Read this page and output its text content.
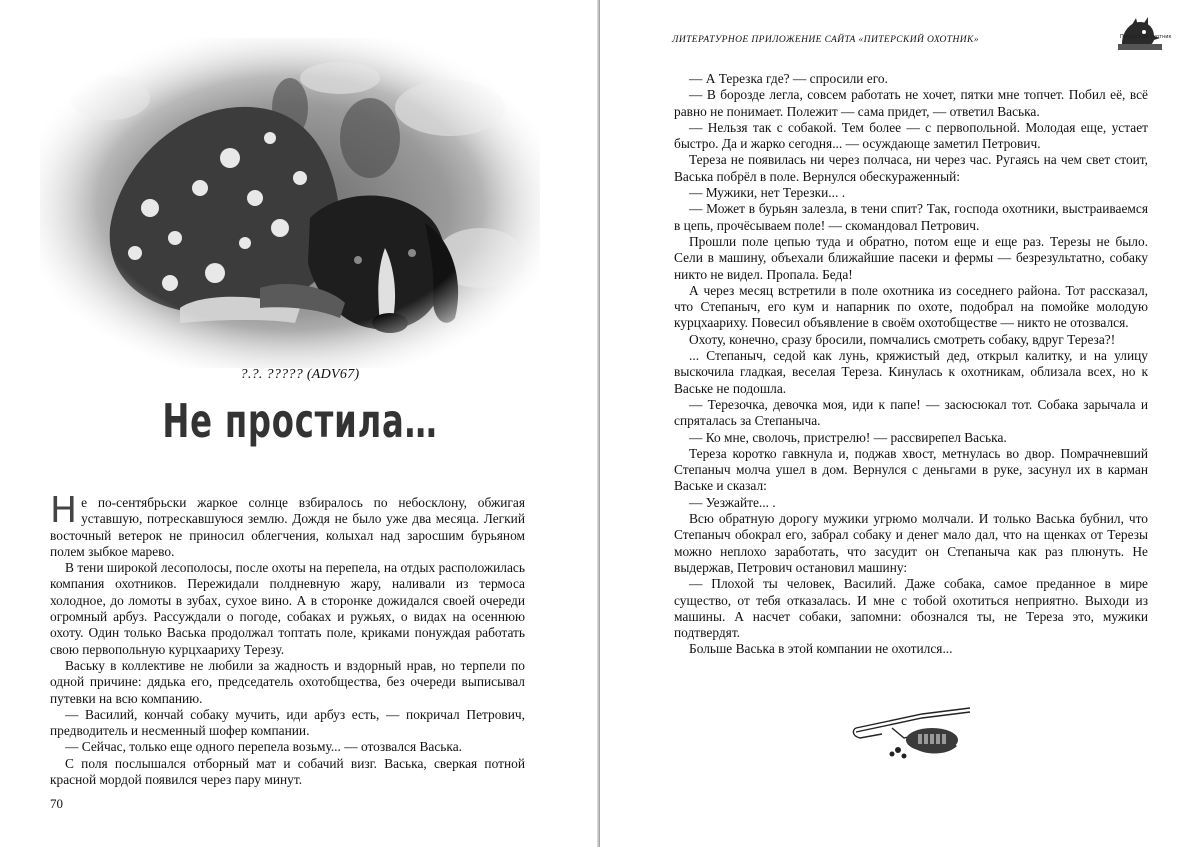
?.?. ????? (ADV67)
Не простила…

Не по-сентябрьски жаркое солнце взбиралось по небосклону, обжигая уставшую, потрескавшуюся землю. Дождя не было уже два месяца. Легкий восточный ветерок не приносил облегчения, колыхал над заросшим бурьяном полем зыбкое марево.

В тени широкой лесополосы, после охоты на перепела, на отдых расположилась компания охотников. Пережидали полдневную жару, наливали из термоса холодное, до ломоты в зубах, сухое вино. А в сторонке дожидался своей очереди огромный арбуз. Рассуждали о погоде, собаках и ружьях, о видах на осеннюю охоту. Один только Васька продолжал топтать поле, криками понуждая работать свою первопольную курцхаариху Терезу.

Ваську в коллективе не любили за жадность и вздорный нрав, но терпели по одной причине: дядька его, председатель охотобщества, без очереди выписывал путевки на всю компанию.

— Василий, кончай собаку мучить, иди арбуз есть, — покричал Петрович, предводитель и несменный шофер компании.

— Сейчас, только еще одного перепела возьму... — отозвался Васька.

С поля послышался отборный мат и собачий визг. Васька, сверкая потной красной мордой появился через пару минут.

70
ЛИТЕРАТУРНОЕ ПРИЛОЖЕНИЕ САЙТА «ПИТЕРСКИЙ ОХОТНИК»	Питерский охотник

— А Терезка где? — спросили его.

— В борозде легла, совсем работать не хочет, пятки мне топчет. Побил её, всё равно не понимает. Полежит — сама придет, — ответил Васька.

— Нельзя так с собакой. Тем более — с первопольной. Молодая еще, устает быстро. Да и жарко сегодня... — осуждающе заметил Петрович.

Тереза не появилась ни через полчаса, ни через час. Ругаясь на чем свет стоит, Васька побрёл в поле. Вернулся обескураженный:

— Мужики, нет Терезки... .

— Может в бурьян залезла, в тени спит? Так, господа охотники, выстраиваемся в цепь, прочёсываем поле! — скомандовал Петрович.

Прошли поле цепью туда и обратно, потом еще и еще раз. Терезы не было. Сели в машину, объехали ближайшие пасеки и фермы — безрезультатно, собаку никто не видел. Пропала. Беда!

А через месяц встретили в поле охотника из соседнего района. Тот рассказал, что Степаныч, его кум и напарник по охоте, подобрал на помойке молодую курцхаариху. Повесил объявление в своём охотобществе — никто не отозвался.

Охоту, конечно, сразу бросили, помчались смотреть собаку, вдруг Тереза?!

... Степаныч, седой как лунь, кряжистый дед, открыл калитку, и на улицу выскочила гладкая, веселая Тереза. Кинулась к охотникам, облизала всех, но к Ваське не подошла.

— Терезочка, девочка моя, иди к папе! — засюсюкал тот. Собака зарычала и спряталась за Степаныча.

— Ко мне, сволочь, пристрелю! — рассвирепел Васька.

Тереза коротко гавкнула и, поджав хвост, метнулась во двор. Помрачневший Степаныч молча ушел в дом. Вернулся с деньгами в руке, засунул их в карман Ваське и сказал:

— Уезжайте... .

Всю обратную дорогу мужики угрюмо молчали. И только Васька бубнил, что Степаныч обокрал его, забрал собаку и денег мало дал, что на щенках от Терезы можно неплохо заработать, что засудит он Степаныча как раз плюнуть. Не выдержав, Петрович остановил машину:

— Плохой ты человек, Василий. Даже собака, самое преданное в мире существо, от тебя отказалась. И мне с тобой охотиться неприятно. Выходи из машины. А насчет собаки, запомни: обознался ты, не Тереза это, мужики подтвердят.

Больше Васька в этой компании не охотился...
